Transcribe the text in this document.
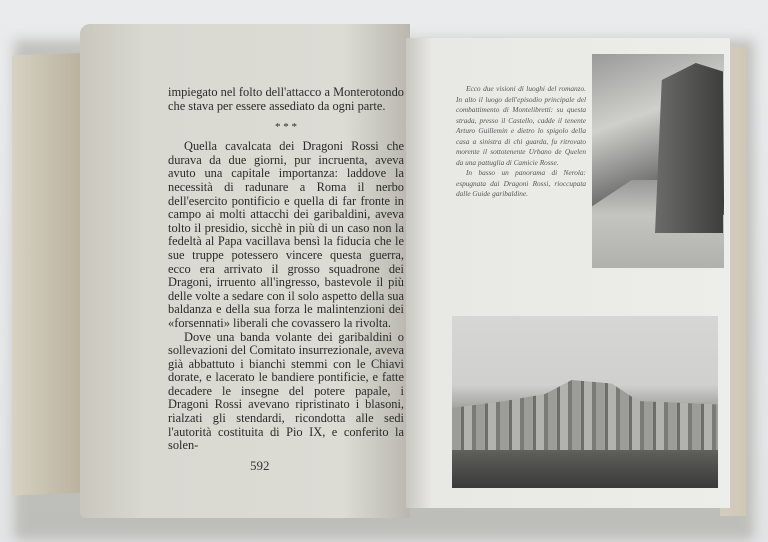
impiegato nel folto dell'attacco a Monterotondo che stava per essere assediato da ogni parte.

* * *

Quella cavalcata dei Dragoni Rossi che durava da due giorni, pur incruenta, aveva avuto una capitale importanza: laddove la necessità di radunare a Roma il nerbo dell'esercito pontificio e quella di far fronte in campo ai molti attacchi dei garibaldini, aveva tolto il presidio, sicchè in più di un caso non la fedeltà al Papa vacillava bensì la fiducia che le sue truppe potessero vincere questa guerra, ecco era arrivato il grosso squadrone dei Dragoni, irruento all'ingresso, bastevole il più delle volte a sedare con il solo aspetto della sua baldanza e della sua forza le malintenzioni dei «forsennati» liberali che covassero la rivolta.

Dove una banda volante dei garibaldini o sollevazioni del Comitato insurrezionale, aveva già abbattuto i bianchi stemmi con le Chiavi dorate, e lacerato le bandiere pontificie, e fatte decadere le insegne del potere papale, i Dragoni Rossi avevano ripristinato i blasoni, rialzati gli stendardi, ricondotta alle sedi l'autorità costituita di Pio IX, e conferito la solen-

592

Ecco due visioni di luoghi del romanzo. In alto il luogo dell'episodio principale del combattimento di Montelibretti: su questa strada, presso il Castello, cadde il tenente Arturo Guillemin e dietro lo spigolo della casa a sinistra di chi guarda, fu ritrovato morente il sottotenente Urbano de Quelen da una pattuglia di Camicie Rosse.

In basso un panorama di Nerola: espugnata dai Dragoni Rossi, rioccupata dalle Guide garibaldine.
